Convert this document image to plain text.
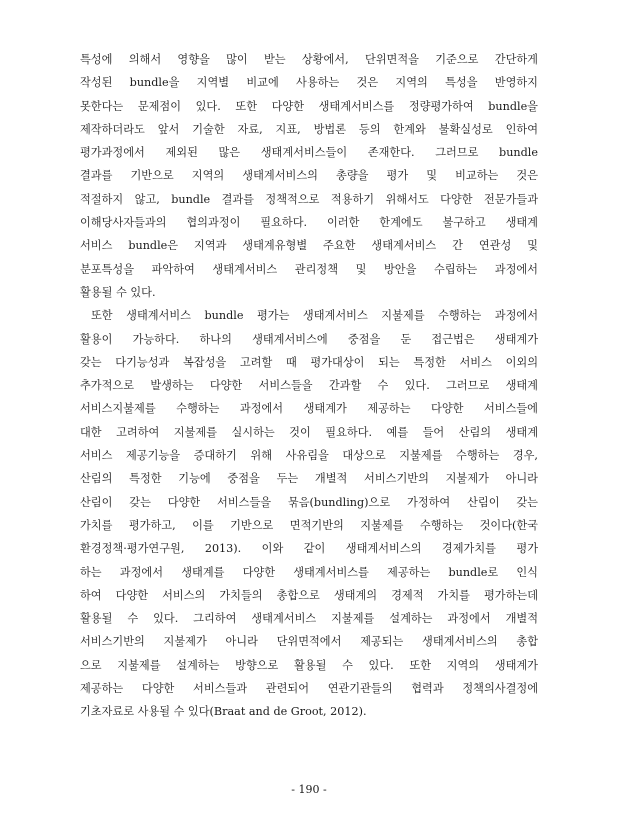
특성에 의해서 영향을 많이 받는 상황에서, 단위면적을 기준으로 간단하게
작성된 bundle을 지역별 비교에 사용하는 것은 지역의 특성을 반영하지
못한다는 문제점이 있다. 또한 다양한 생태계서비스를 정량평가하여 bundle을
제작하더라도 앞서 기술한 자료, 지표, 방법론 등의 한계와 불확실성로 인하여
평가과정에서 제외된 많은 생태계서비스들이 존재한다. 그러므로 bundle
결과를 기반으로 지역의 생태계서비스의 총량을 평가 및 비교하는 것은
적절하지 않고, bundle 결과를 정책적으로 적용하기 위해서도 다양한 전문가들과
이해당사자들과의 협의과정이 필요하다. 이러한 한계에도 불구하고 생태계
서비스 bundle은 지역과 생태계유형별 주요한 생태계서비스 간 연관성 및
분포특성을 파악하여 생태계서비스 관리정책 및 방안을 수립하는 과정에서
활용될 수 있다.
또한 생태계서비스 bundle 평가는 생태계서비스 지불제를 수행하는 과정에서
활용이 가능하다. 하나의 생태계서비스에 중점을 둔 접근법은 생태계가
갖는 다기능성과 복잡성을 고려할 때 평가대상이 되는 특정한 서비스 이외의
추가적으로 발생하는 다양한 서비스들을 간과할 수 있다. 그러므로 생태계
서비스지불제를 수행하는 과정에서 생태계가 제공하는 다양한 서비스들에
대한 고려하여 지불제를 실시하는 것이 필요하다. 예를 들어 산림의 생태계
서비스 제공기능을 증대하기 위해 사유림을 대상으로 지불제를 수행하는 경우,
산림의 특정한 기능에 중점을 두는 개별적 서비스기반의 지불제가 아니라
산림이 갖는 다양한 서비스들을 묶음(bundling)으로 가정하여 산림이 갖는
가치를 평가하고, 이를 기반으로 면적기반의 지불제를 수행하는 것이다(한국
환경정책·평가연구원, 2013). 이와 같이 생태계서비스의 경제가치를 평가
하는 과정에서 생태계를 다양한 생태계서비스를 제공하는 bundle로 인식
하여 다양한 서비스의 가치들의 총합으로 생태계의 경제적 가치를 평가하는데
활용될 수 있다. 그리하여 생태계서비스 지불제를 설계하는 과정에서 개별적
서비스기반의 지불제가 아니라 단위면적에서 제공되는 생태계서비스의 총합
으로 지불제를 설계하는 방향으로 활용될 수 있다. 또한 지역의 생태계가
제공하는 다양한 서비스들과 관련되어 연관기관들의 협력과 정책의사결정에
기초자료로 사용될 수 있다(Braat and de Groot, 2012).
- 190 -
